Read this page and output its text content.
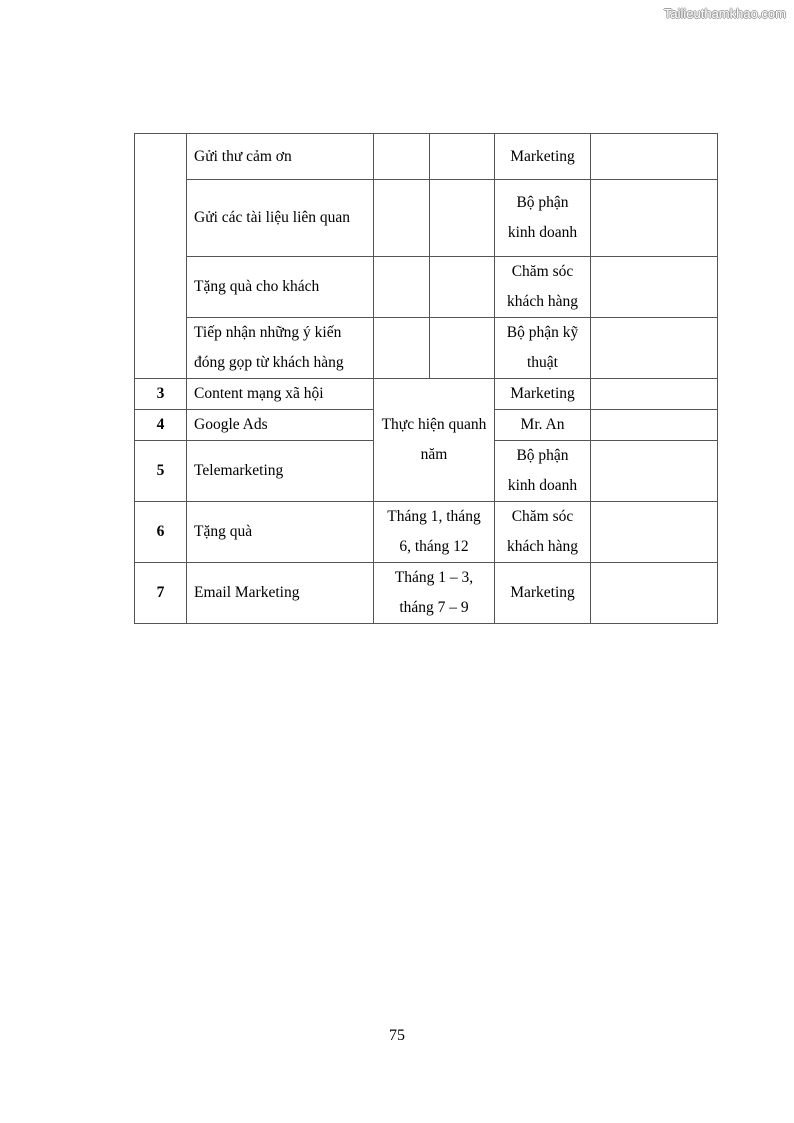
Tailieuthamkhao.com
	Gửi thư cảm ơn			Marketing	
	Gửi các tài liệu liên quan			Bộ phận kinh doanh	
	Tặng quà cho khách			Chăm sóc khách hàng	
	Tiếp nhận những ý kiến đóng gọp từ khách hàng			Bộ phận kỹ thuật	
3	Content mạng xã hội	Thực hiện quanh năm		Marketing	
4	Google Ads			Mr. An	
5	Telemarketing			Bộ phận kinh doanh	
6	Tặng quà	Tháng 1, tháng 6, tháng 12		Chăm sóc khách hàng	
7	Email Marketing	Tháng 1 – 3, tháng 7 – 9		Marketing	
75
